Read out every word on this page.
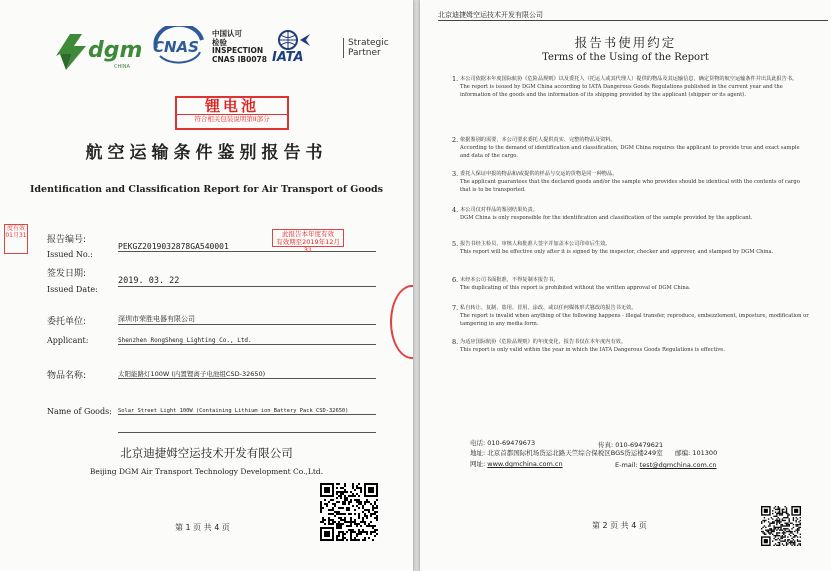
dgm
CHINA
CNAS
中国认可
检验
INSPECTION
CNAS IB0078 IATA
Strategic
Partner
锂电池
符合相关包装说明第II部分
航空运输条件鉴别报告书
Identification and Classification Report for Air Transport of Goods
度有效 01月31 报告编号:
Issued No.:
PEKGZ2019032878GA540001
此报告本年度有效
有效期至2019年12月31
签发日期:
Issued Date:
2019. 03. 22
委托单位:	深圳市荣胜电器有限公司
Applicant:	Shenzhen RongSheng Lighting Co., Ltd.
物品名称:	太阳能路灯100W (内置锂离子电池组CSD-32650)
Name of Goods: Solar Street Light 100W (Containing Lithium ion Battery Pack CSD-32650)
北京迪捷姆空运技术开发有限公司
Beijing DGM Air Transport Technology Development Co.,Ltd.
第 1 页 共 4 页
北京迪捷姆空运技术开发有限公司
报告书使用约定
Terms of the Using of the Report
1. 本公司依据本年度国际航协《危险品规则》以及委托人（托运人或其代理人）提供的物品及其运输信息，确定货物的航空运输条件并出具此报告书。
The report is issued by DGM China according to IATA Dangerous Goods Regulations published in the current year and the information of the goods and the information of its shipping provided by the applicant (shipper or its agent).
2. 依据鉴别的需要，本公司要求委托人提供真实、完整的物品及资料。
According to the demand of identification and classification, DGM China requires the applicant to provide true and exact sample and data of the cargo.
3. 委托人保证申报的物品和/或提供的样品与交运的货物是同一种物品。
The applicant guarantees that the declared goods and/or the sample who provides should be identical with the contents of cargo that is to be transported.
4. 本公司仅对样品的鉴别结果负责。
DGM China is only responsible for the identification and classification of the sample provided by the applicant.
5. 报告书经主检员、审核人和批准人签字并加盖本公司印章后生效。
This report will be effective only after it is signed by the inspector, checker and approver, and stamped by DGM China.
6. 未经本公司书面批准，不得复制本报告书。
The duplicating of this report is prohibited without the written approval of DGM China.
7. 私自转让、复制、盗用、冒用、涂改、或以任何媒体形式篡改的报告书无效。
The report is invalid when anything of the following happens - illegal transfer, reproduce, embezzlement, imposture, modification or tampering in any media form.
8. 为适应国际航协《危险品规则》的年度变化，报告书仅在本年度内有效。
This report is only valid within the year in which the IATA Dangerous Goods Regulations is effective.
地址: 北京首都国际机场货运北路天竺综合保税区BGS货运楼249室 邮编: 101300
电话: 010-69479673	传真: 010-69479621
网址: www.dgmchina.com.cn	E-mail: test@dgmchina.com.cn
第 2 页 共 4 页
